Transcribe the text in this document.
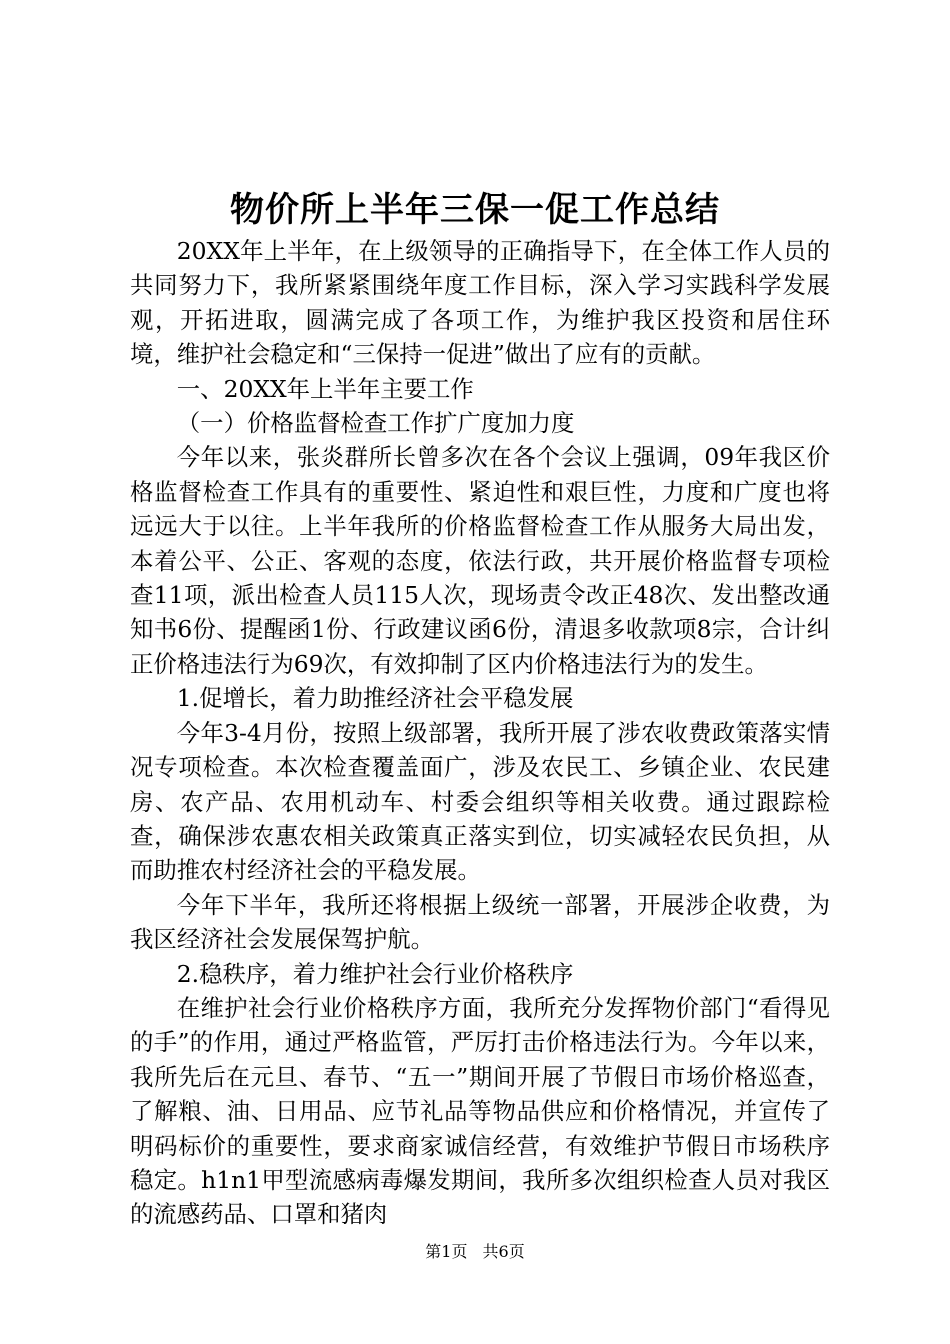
物价所上半年三保一促工作总结

20XX年上半年，在上级领导的正确指导下，在全体工作人员的共同努力下，我所紧紧围绕年度工作目标，深入学习实践科学发展观，开拓进取，圆满完成了各项工作，为维护我区投资和居住环境，维护社会稳定和“三保持一促进”做出了应有的贡献。

一、20XX年上半年主要工作

（一）价格监督检查工作扩广度加力度

今年以来，张炎群所长曾多次在各个会议上强调，09年我区价格监督检查工作具有的重要性、紧迫性和艰巨性，力度和广度也将远远大于以往。上半年我所的价格监督检查工作从服务大局出发，本着公平、公正、客观的态度，依法行政，共开展价格监督专项检查11项，派出检查人员115人次，现场责令改正48次、发出整改通知书6份、提醒函1份、行政建议函6份，清退多收款项8宗，合计纠正价格违法行为69次，有效抑制了区内价格违法行为的发生。

1.促增长，着力助推经济社会平稳发展

今年3-4月份，按照上级部署，我所开展了涉农收费政策落实情况专项检查。本次检查覆盖面广，涉及农民工、乡镇企业、农民建房、农产品、农用机动车、村委会组织等相关收费。通过跟踪检查，确保涉农惠农相关政策真正落实到位，切实减轻农民负担，从而助推农村经济社会的平稳发展。

今年下半年，我所还将根据上级统一部署，开展涉企收费，为我区经济社会发展保驾护航。

2.稳秩序，着力维护社会行业价格秩序

在维护社会行业价格秩序方面，我所充分发挥物价部门“看得见的手”的作用，通过严格监管，严厉打击价格违法行为。今年以来，我所先后在元旦、春节、“五一”期间开展了节假日市场价格巡查，了解粮、油、日用品、应节礼品等物品供应和价格情况，并宣传了明码标价的重要性，要求商家诚信经营，有效维护节假日市场秩序稳定。h1n1甲型流感病毒爆发期间，我所多次组织检查人员对我区的流感药品、口罩和猪肉

第1页 共6页
